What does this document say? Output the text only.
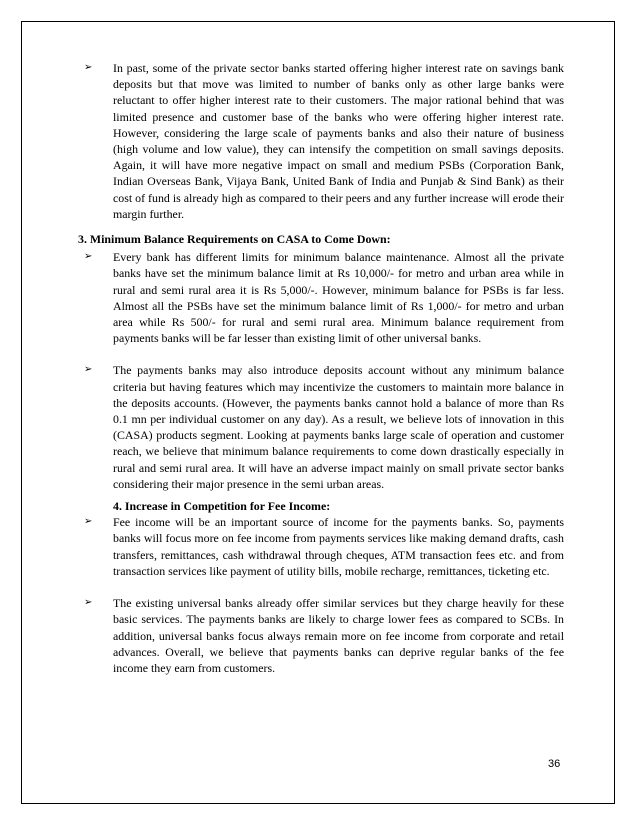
➢ In past, some of the private sector banks started offering higher interest rate on savings bank deposits but that move was limited to number of banks only as other large banks were reluctant to offer higher interest rate to their customers. The major rational behind that was limited presence and customer base of the banks who were offering higher interest rate. However, considering the large scale of payments banks and also their nature of business (high volume and low value), they can intensify the competition on small savings deposits. Again, it will have more negative impact on small and medium PSBs (Corporation Bank, Indian Overseas Bank, Vijaya Bank, United Bank of India and Punjab & Sind Bank) as their cost of fund is already high as compared to their peers and any further increase will erode their margin further.

3. Minimum Balance Requirements on CASA to Come Down:

➢ Every bank has different limits for minimum balance maintenance. Almost all the private banks have set the minimum balance limit at Rs 10,000/- for metro and urban area while in rural and semi rural area it is Rs 5,000/-. However, minimum balance for PSBs is far less. Almost all the PSBs have set the minimum balance limit of Rs 1,000/- for metro and urban area while Rs 500/- for rural and semi rural area. Minimum balance requirement from payments banks will be far lesser than existing limit of other universal banks.

➢ The payments banks may also introduce deposits account without any minimum balance criteria but having features which may incentivize the customers to maintain more balance in the deposits accounts. (However, the payments banks cannot hold a balance of more than Rs 0.1 mn per individual customer on any day). As a result, we believe lots of innovation in this (CASA) products segment. Looking at payments banks large scale of operation and customer reach, we believe that minimum balance requirements to come down drastically especially in rural and semi rural area. It will have an adverse impact mainly on small private sector banks considering their major presence in the semi urban areas.

4. Increase in Competition for Fee Income:

➢ Fee income will be an important source of income for the payments banks. So, payments banks will focus more on fee income from payments services like making demand drafts, cash transfers, remittances, cash withdrawal through cheques, ATM transaction fees etc. and from transaction services like payment of utility bills, mobile recharge, remittances, ticketing etc.

➢ The existing universal banks already offer similar services but they charge heavily for these basic services. The payments banks are likely to charge lower fees as compared to SCBs. In addition, universal banks focus always remain more on fee income from corporate and retail advances. Overall, we believe that payments banks can deprive regular banks of the fee income they earn from customers.

36
